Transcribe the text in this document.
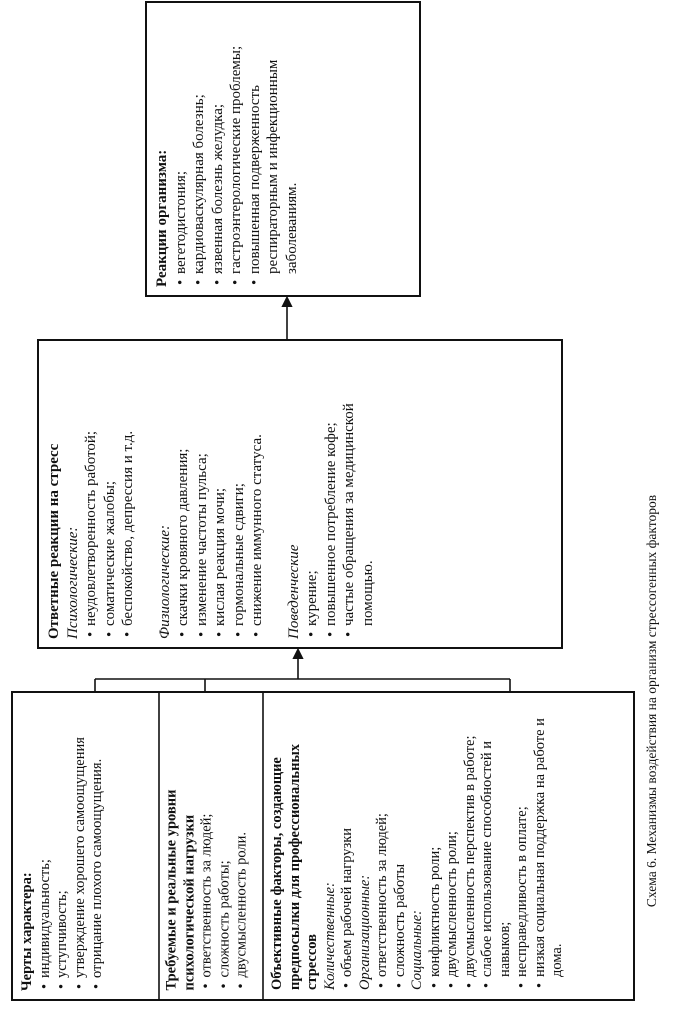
Черты характера: • индивидуальность; • уступчивость; • утверждение хорошего самоощущения • отрицание плохого самоощущения.	Требуемые и реальные уровни психологической нагрузки • ответственность за людей; • сложность работы; • двусмысленность роли. Объективные факторы, создающие предпосылки для профессиональных стрессов Количественные: • объем рабочей нагрузки Организационные: • ответственность за людей; • сложность работы Социальные: • конфликтность роли; • двусмысленность роли; • двусмысленность перспектив в работе; • слабое использование способностей и навыков; • несправедливость в оплате; • низкая социальная поддержка на работе и дома.
Ответные реакции на стресс Психологические: • неудовлетворенность работой; • соматические жалобы; • беспокойство, депрессия и т.д. Физиологические: • скачки кровяного давления; • изменение частоты пульса; • кислая реакция мочи; • гормональные сдвиги; • снижение иммунного статуса. Поведенческие • курение; • повышенное потребление кофе; • частые обращения за медицинской помощью.
Реакции организма: • вегетодистония; • кардиоваскулярная болезнь; • язвенная болезнь желудка; • гастроэнтерологические проблемы; • повышенная подверженность респираторным и инфекционным заболеваниям.
Схема 6. Механизмы воздействия на организм стрессогенных факторов
